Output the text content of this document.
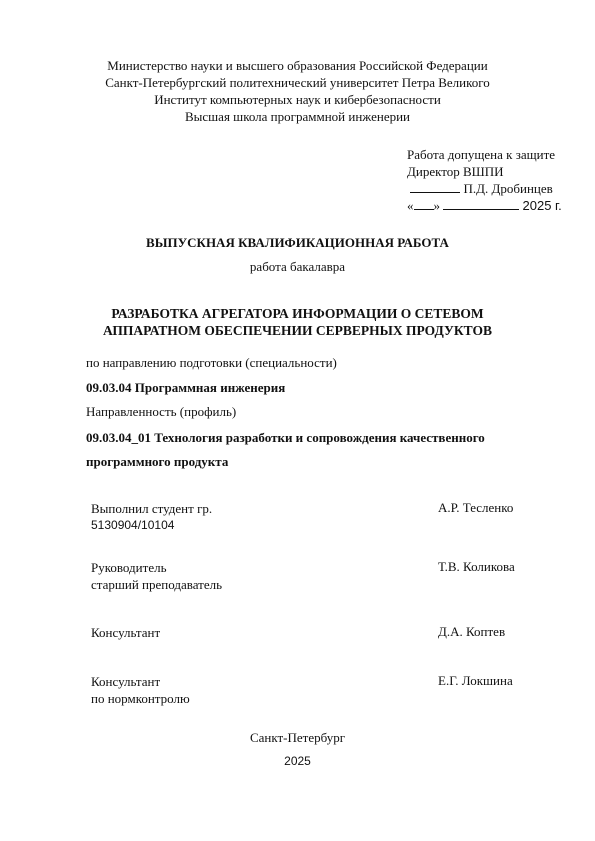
Министерство науки и высшего образования Российской Федерации
Санкт-Петербургский политехнический университет Петра Великого
Институт компьютерных наук и кибербезопасности
Высшая школа программной инженерии
Работа допущена к защите
Директор ВШПИ
П.Д. Дробинцев
« »	2025 г.
ВЫПУСКНАЯ КВАЛИФИКАЦИОННАЯ РАБОТА
работа бакалавра
РАЗРАБОТКА АГРЕГАТОРА ИНФОРМАЦИИ О СЕТЕВОМ
АППАРАТНОМ ОБЕСПЕЧЕНИИ СЕРВЕРНЫХ ПРОДУКТОВ
по направлению подготовки (специальности)
09.03.04 Программная инженерия
Направленность (профиль)
09.03.04_01 Технология разработки и сопровождения качественного
программного продукта
Выполнил студент гр.
5130904/10104
А.Р. Тесленко
Руководитель
старший преподаватель
Т.В. Коликова
Консультант	Д.А. Коптев
Консультант
по нормконтролю
Е.Г. Локшина
Санкт-Петербург
2025
